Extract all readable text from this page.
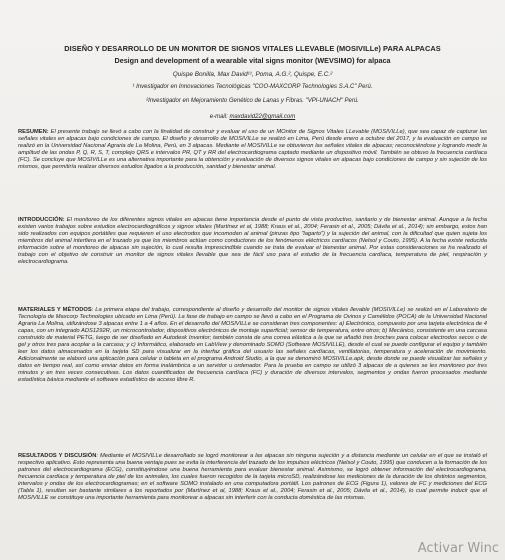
DISEÑO Y DESARROLLO DE UN MONITOR DE SIGNOS VITALES LLEVABLE (MOSIVILLe) PARA ALPACAS
Design and development of a wearable vital signs monitor (WEVSIMO) for alpaca
Quispe Bonilla, Max David¹¹, Poma, A.G.², Quispe, E.C.²
¹ Investigador en Innovaciones Tecnológicas "COO-MAXCORP Technologies S.A.C" Perú.
²Investigador en Mejoramiento Genético de Lanas y Fibras. "VPI-UNACH" Perú.
e-mail: maxdavid22@gmail.com
RESUMEN: El presente trabajo se llevó a cabo con la finalidad de construir y evaluar el uso de un MOnitor de Signos Vitales LLevable (MOSIVILLe), que sea capaz de capturar las señales vitales en alpacas bajo condiciones de campo. El diseño y desarrollo de MOSIVILLe se realizó en Lima, Perú desde enero a octubre del 2017, y la evaluación en campo se realizó en la Universidad Nacional Agraria de La Molina, Perú, en 3 alpacas. Mediante el MOSIVILLe se obtuvieron las señales vitales de alpacas; reconociéndose y logrando medir la amplitud de las ondas P, Q, R, S, T, complejo QRS e intervalos PR, QT y RR del electrocardiograma captado mediante un dispositivo móvil. También se obtuvo la frecuencia cardíaca (FC). Se concluye que MOSIVILLe es una alternativa importante para la obtención y evaluación de diversos signos vitales en alpacas bajo condiciones de campo y sin sujeción de los mismos, que permitiría realizar diversos estudios ligados a la producción, sanidad y bienestar animal.
INTRODUCCIÓN: El monitoreo de los diferentes signos vitales en alpacas tiene importancia desde el punto de vista productivo, sanitario y de bienestar animal. Aunque a la fecha existen varios trabajos sobre estudios electrocardiográficos y signos vitales (Martínez et al, 1988; Kraus et al., 2004; Ferasin et al., 2005; Dávila et al., 2014); sin embargo, estos han sido realizados con equipos portátiles que requieren el uso electrodos que incomodan al animal (pinzas tipo "lagarto") y la sujeción del animal, con la dificultad que quien sujeta los miembros del animal interfiera en el trazado ya que los miembros actúan como conductores de los fenómenos eléctricos cardíacos (Nelsol y Couto, 1995). A la fecha existe reducida información sobre el monitoreo de alpacas sin sujeción, lo cual resulta imprescindible cuando se trata de evaluar el bienestar animal. Por estas consideraciones se ha realizado el trabajo con el objetivo de construir un monitor de signos vitales llevable que sea de fácil uso para el estudio de la frecuencia cardíaca, temperatura de piel, respiración y electrocardiograma.
MATERIALES Y MÉTODOS: La primera etapa del trabajo, correspondiente al diseño y desarrollo del monitor de signos vitales llevable (MOSIVILLe) se realizó en el Laboratorio de Tecnología de Maxcorp Technologies ubicado en Lima (Perú). La fase de trabajo en campo se llevó a cabo en el Programa de Ovinos y Camélidos (POCA) de la Universidad Nacional Agraria La Molina, utilizándose 3 alpacas entre 1 a 4 años. En el desarrollo del MOSIVILLe se consideran tres componentes: a) Electrónico, compuesto por una tarjeta electrónica de 4 capas, con un integrado ADS1292R, un microcontrolador, dispositivos electrónicos de montaje superficial; sensor de temperatura, entre otros; b) Mecánico, consistente en una carcasa construido de material PETG, luego de ser diseñado en Autodesk Inventor; también consta de una correa elástica a la que se añadió tres broches para colocar electrodos secos o de gel y otros tres para acoplar a la carcasa; y c) Informático, elaborado en LabView y denominado SOMO (Software MOSIVILLE), desde el cual se puede configurar el equipo y también leer los datos almacenados en la tarjeta SD para visualizar en la interfaz gráfica del usuario las señales cardíacas, ventilatorias, temperatura y aceleración de movimiento. Adicionalmente se elaboró una aplicación para celular o tableta en el programa Android Studio, a la que se denominó MOSIVILLe.apk, desde donde se puede visualizar las señales y datos en tiempo real, así como enviar datos en forma inalámbrica a un servidor u ordenador. Para la prueba en campo se utilizó 3 alpacas de a quienes se les monitoreo por tres minutos y en tres veces consecutivas. Los datos cuantificados de frecuencia cardíaca (FC) y duración de diversos intervalos, segmentos y ondas fueron procesados mediante estadística básica mediante el software estadístico de acceso libre R.
RESULTADOS Y DISCUSIÓN: Mediante el MOSIVILLe desarrollado se logró monitorear a las alpacas sin ninguna sujeción y a distancia mediante un celular en el que se instaló el respectivo aplicativo. Esto representa una buena ventaja pues se evita la interferencia del trazado de los impulsos eléctricos (Nelsol y Couto, 1995) que conducen a la formación de los patrones del electrocardiograma (ECG), constituyéndose una buena herramienta para evaluar bienestar animal. Asimismo, se logró obtener información del electrocardiograma, frecuencia cardíaca y temperatura de piel de los animales, los cuales fueron recogidos de la tarjeta microSD, realizándose las mediciones de la duración de los distintos segmentos, intervalos y ondas de los electrocardiogramas; en el software SOMO instalado en una computadora portátil. Los patrones de ECG (Figura 1), valores de FC y mediciones del ECG (Tabla 1), resultan ser bastante similares a los reportados por (Martínez et al, 1988; Kraus et al., 2004; Ferasin et al., 2005; Dávila et al., 2014), lo cual permite inducir que el MOSIVILLE se constituye una importante herramienta para monitorear a alpacas sin interferir con la conducta doméstica de las mismas.
Activar Winc
